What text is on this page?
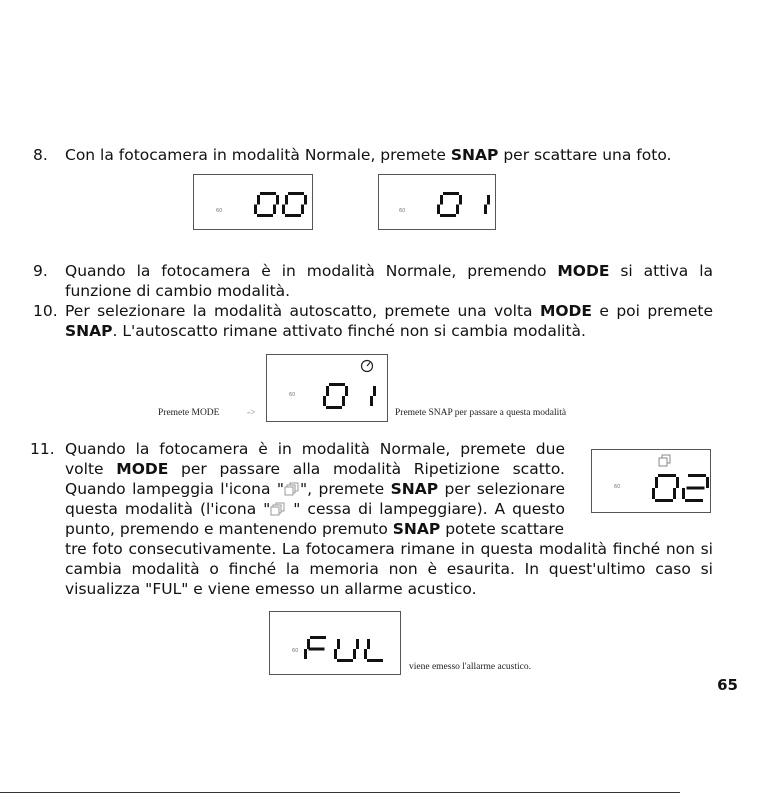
8. Con la fotocamera in modalità Normale, premete SNAP per scattare una foto.
60	60
9. Quando la fotocamera è in modalità Normale, premendo MODE si attiva la funzione di cambio modalità.
10. Per selezionare la modalità autoscatto, premete una volta MODE e poi premete SNAP. L'autoscatto rimane attivato finché non si cambia modalità.
Premete MODE	->
60
Premete SNAP per passare a questa modalità
11. Quando la fotocamera è in modalità Normale, premete due
volte MODE per passare alla modalità Ripetizione scatto.
Quando lampeggia l'icona " ", premete SNAP per selezionare
questa modalità (l'icona " " cessa di lampeggiare). A questo
punto, premendo e mantenendo premuto SNAP potete scattare
tre foto consecutivamente. La fotocamera rimane in questa modalità finché non si cambia modalità o finché la memoria non è esaurita. In quest'ultimo caso si visualizza "FUL" e viene emesso un allarme acustico.
60
60
viene emesso l'allarme acustico.
65
